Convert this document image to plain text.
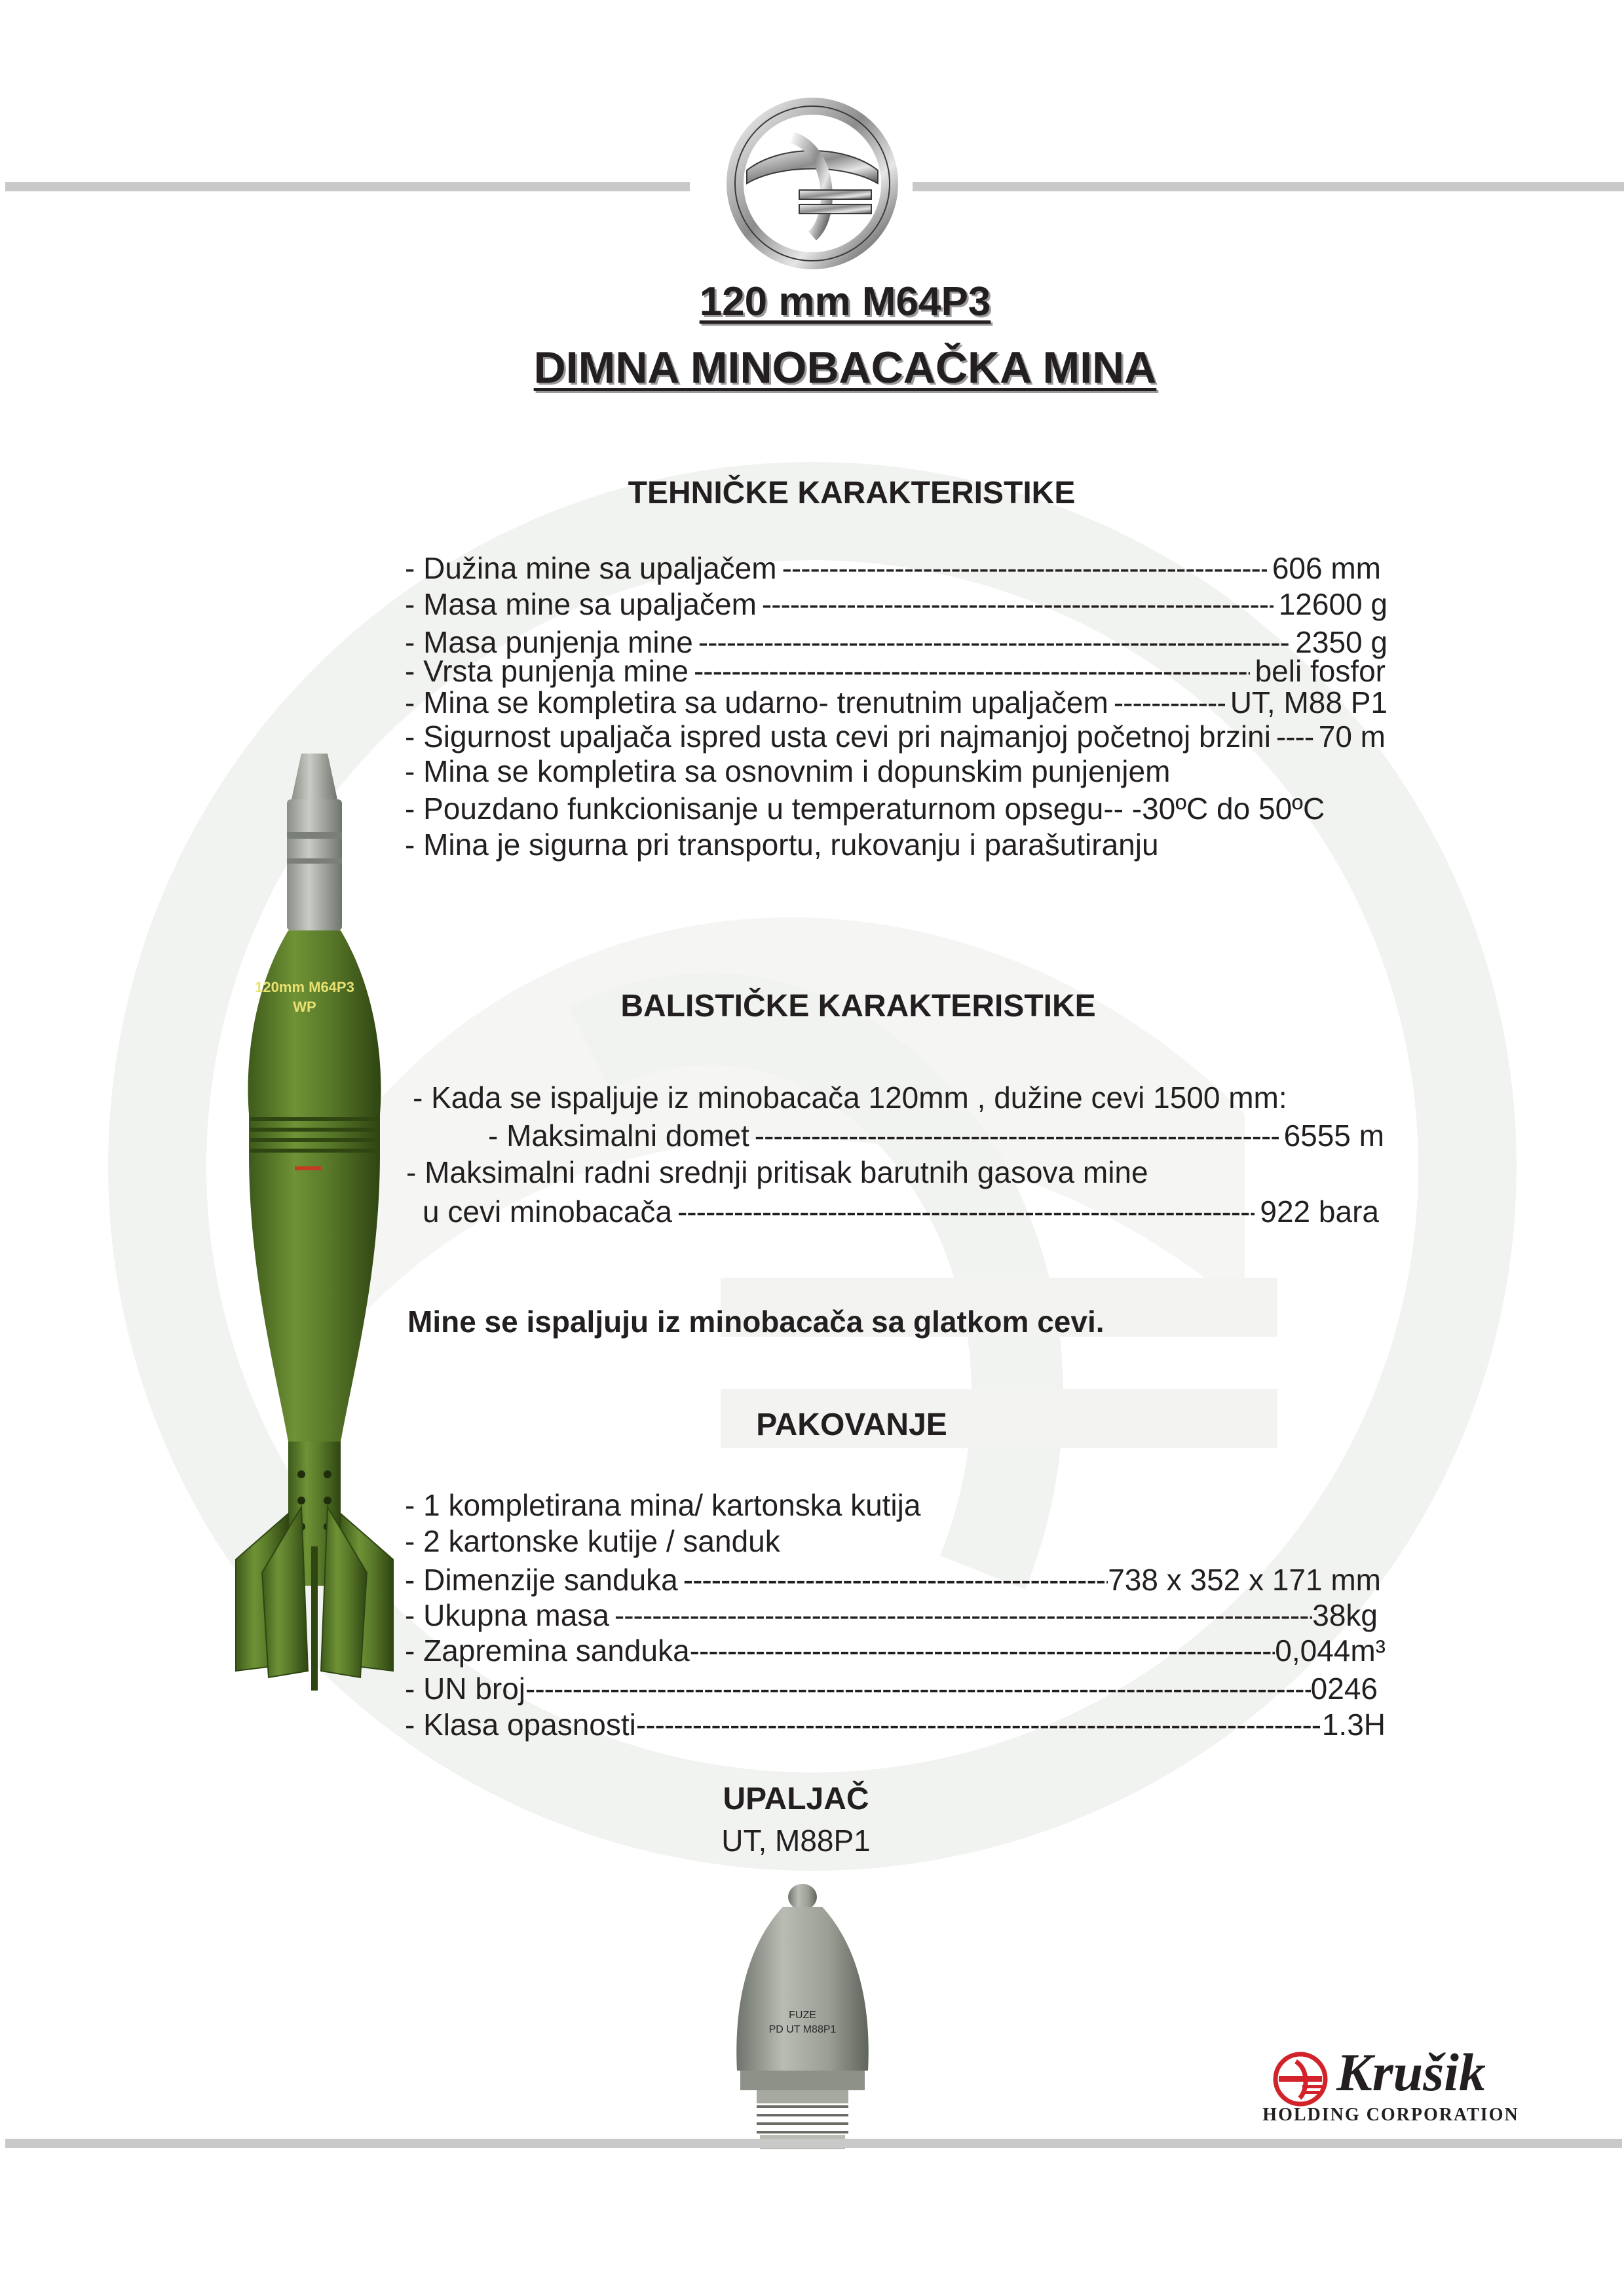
120 mm M64P3
DIMNA MINOBACAČKA MINA
120mm M64P3
WP
TEHNIČKE KARAKTERISTIKE
- Dužina mine sa upaljačem -----	606 mm
- Masa mine sa upaljačem -----	12600 g
- Masa punjenja mine -----	2350 g
- Vrsta punjenja mine -----	beli fosfor
- Mina se kompletira sa udarno- trenutnim upaljačem -----	UT, M88 P1
- Sigurnost upaljača ispred usta cevi pri najmanjoj početnoj brzini ----- 70 m
- Mina se kompletira sa osnovnim i dopunskim punjenjem
- Pouzdano funkcionisanje u temperaturnom opsegu-- -30ºC do 50ºC
- Mina je sigurna pri transportu, rukovanju i parašutiranju
BALISTIČKE KARAKTERISTIKE
- Kada se ispaljuje iz minobacača 120mm , dužine cevi 1500 mm:
- Maksimalni domet -----	6555 m
- Maksimalni radni srednji pritisak barutnih gasova mine
u cevi minobacača -----	922 bara
Mine se ispaljuju iz minobacača sa glatkom cevi.
PAKOVANJE
- 1 kompletirana mina/ kartonska kutija
- 2 kartonske kutije / sanduk
- Dimenzije sanduka -----	738 x 352 x 171 mm
- Ukupna masa -----	38kg
- Zapremina sanduka -----	0,044m³
- UN broj -----	0246
- Klasa opasnosti -----	1.3H
UPALJAČ
UT, M88P1
FUZE
PD UT M88P1
Krušik
HOLDING CORPORATION
